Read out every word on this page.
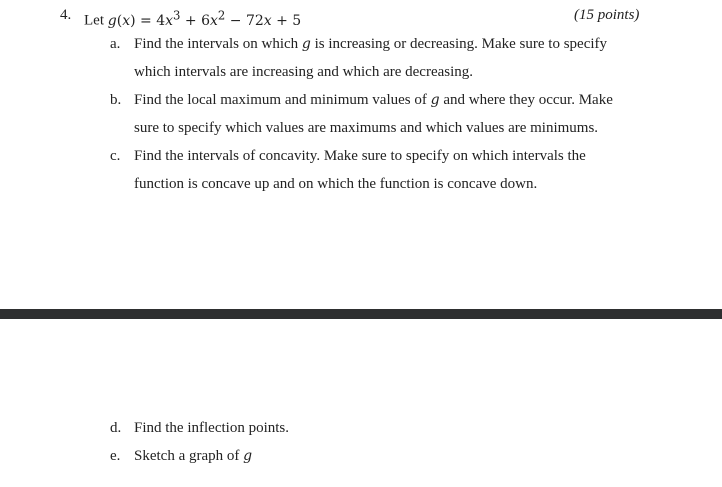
4. Let $g(x) = 4x^3 + 6x^2 - 72x + 5$	(15 points)
a. Find the intervals on which g is increasing or decreasing. Make sure to specify
which intervals are increasing and which are decreasing.
b. Find the local maximum and minimum values of g and where they occur. Make
sure to specify which values are maximums and which values are minimums.
c. Find the intervals of concavity. Make sure to specify on which intervals the
function is concave up and on which the function is concave down.
d. Find the inflection points.
e. Sketch a graph of g
